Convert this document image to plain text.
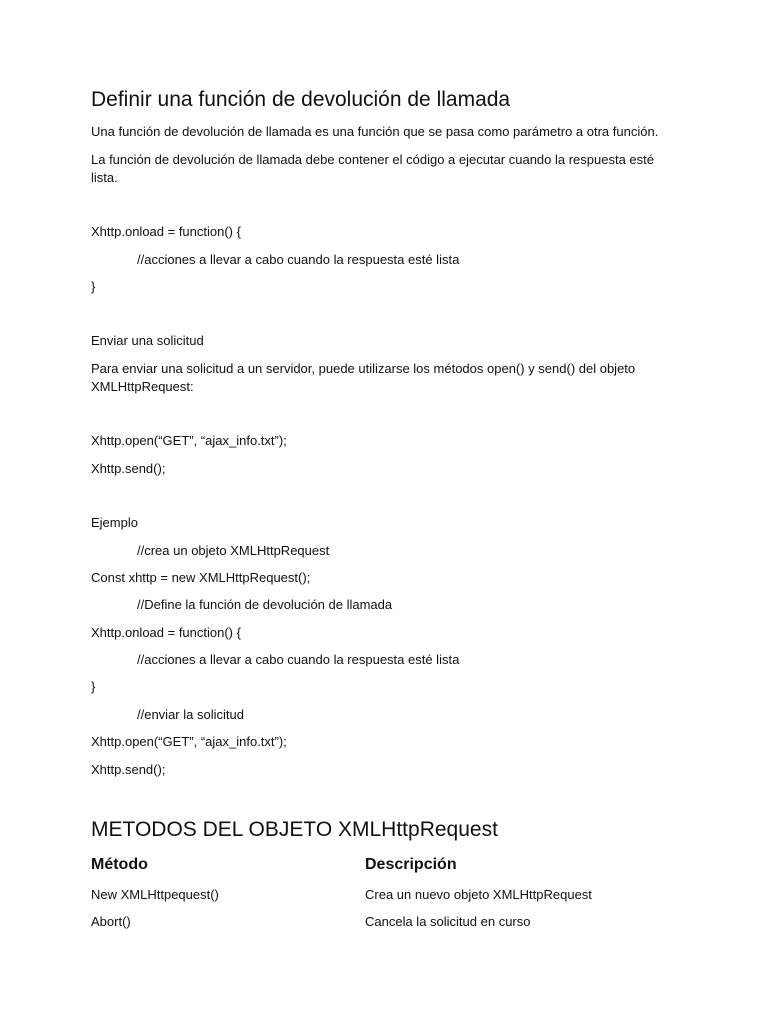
Definir una función de devolución de llamada

Una función de devolución de llamada es una función que se pasa como parámetro a otra función.

La función de devolución de llamada debe contener el código a ejecutar cuando la respuesta esté lista.

Xhttp.onload = function() {

//acciones a llevar a cabo cuando la respuesta esté lista

}

Enviar una solicitud

Para enviar una solicitud a un servidor, puede utilizarse los métodos open() y send() del objeto XMLHttpRequest:

Xhttp.open(“GET”, “ajax_info.txt”);

Xhttp.send();

Ejemplo

//crea un objeto XMLHttpRequest

Const xhttp = new XMLHttpRequest();

//Define la función de devolución de llamada

Xhttp.onload = function() {

//acciones a llevar a cabo cuando la respuesta esté lista

}

//enviar la solicitud

Xhttp.open(“GET”, “ajax_info.txt”);

Xhttp.send();

METODOS DEL OBJETO XMLHttpRequest
Método	Descripción
New XMLHttpequest()	Crea un nuevo objeto XMLHttpRequest
Abort()	Cancela la solicitud en curso
